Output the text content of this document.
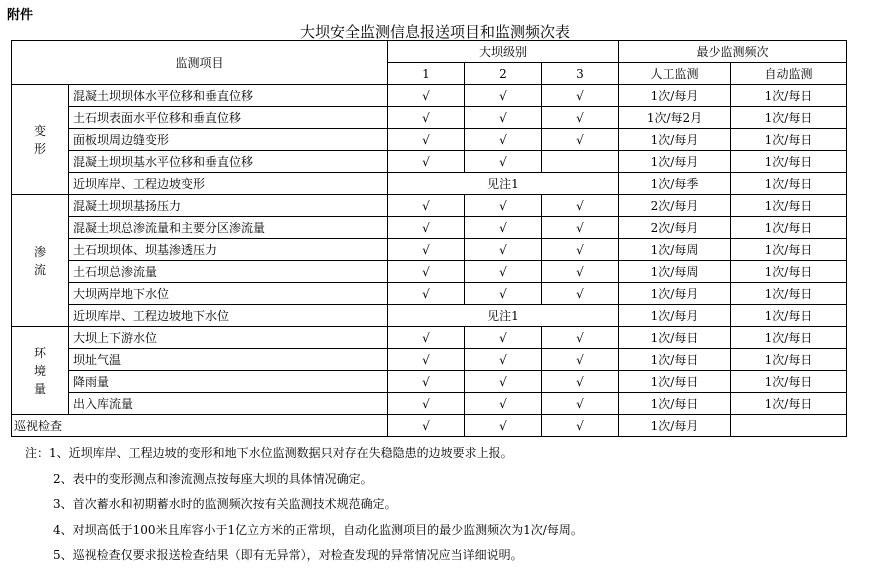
附件
大坝安全监测信息报送项目和监测频次表
监测项目		大坝级别			最少监测频次	
		1	2	3	人工监测	自动监测
变
形	混凝土坝坝体水平位移和垂直位移	√	√	√	1次/每月	1次/每日
	土石坝表面水平位移和垂直位移	√	√	√	1次/每2月	1次/每日
	面板坝周边缝变形	√	√	√	1次/每月	1次/每日
	混凝土坝坝基水平位移和垂直位移	√	√		1次/每月	1次/每日
	近坝库岸、工程边坡变形	见注1			1次/每季	1次/每日
渗
流	混凝土坝坝基扬压力	√	√	√	2次/每月	1次/每日
	混凝土坝总渗流量和主要分区渗流量	√	√	√	2次/每月	1次/每日
	土石坝坝体、坝基渗透压力	√	√	√	1次/每周	1次/每日
	土石坝总渗流量	√	√	√	1次/每周	1次/每日
	大坝两岸地下水位	√	√	√	1次/每月	1次/每日
	近坝库岸、工程边坡地下水位	见注1			1次/每月	1次/每日
环
境
量	大坝上下游水位	√	√	√	1次/每日	1次/每日
	坝址气温	√	√	√	1次/每日	1次/每日
	降雨量	√	√	√	1次/每日	1次/每日
	出入库流量	√	√	√	1次/每日	1次/每日
巡视检查		√	√	√	1次/每月	
注：1、近坝库岸、工程边坡的变形和地下水位监测数据只对存在失稳隐患的边坡要求上报。
2、表中的变形测点和渗流测点按每座大坝的具体情况确定。
3、首次蓄水和初期蓄水时的监测频次按有关监测技术规范确定。
4、对坝高低于100米且库容小于1亿立方米的正常坝，自动化监测项目的最少监测频次为1次/每周。
5、巡视检查仅要求报送检查结果（即有无异常），对检查发现的异常情况应当详细说明。
